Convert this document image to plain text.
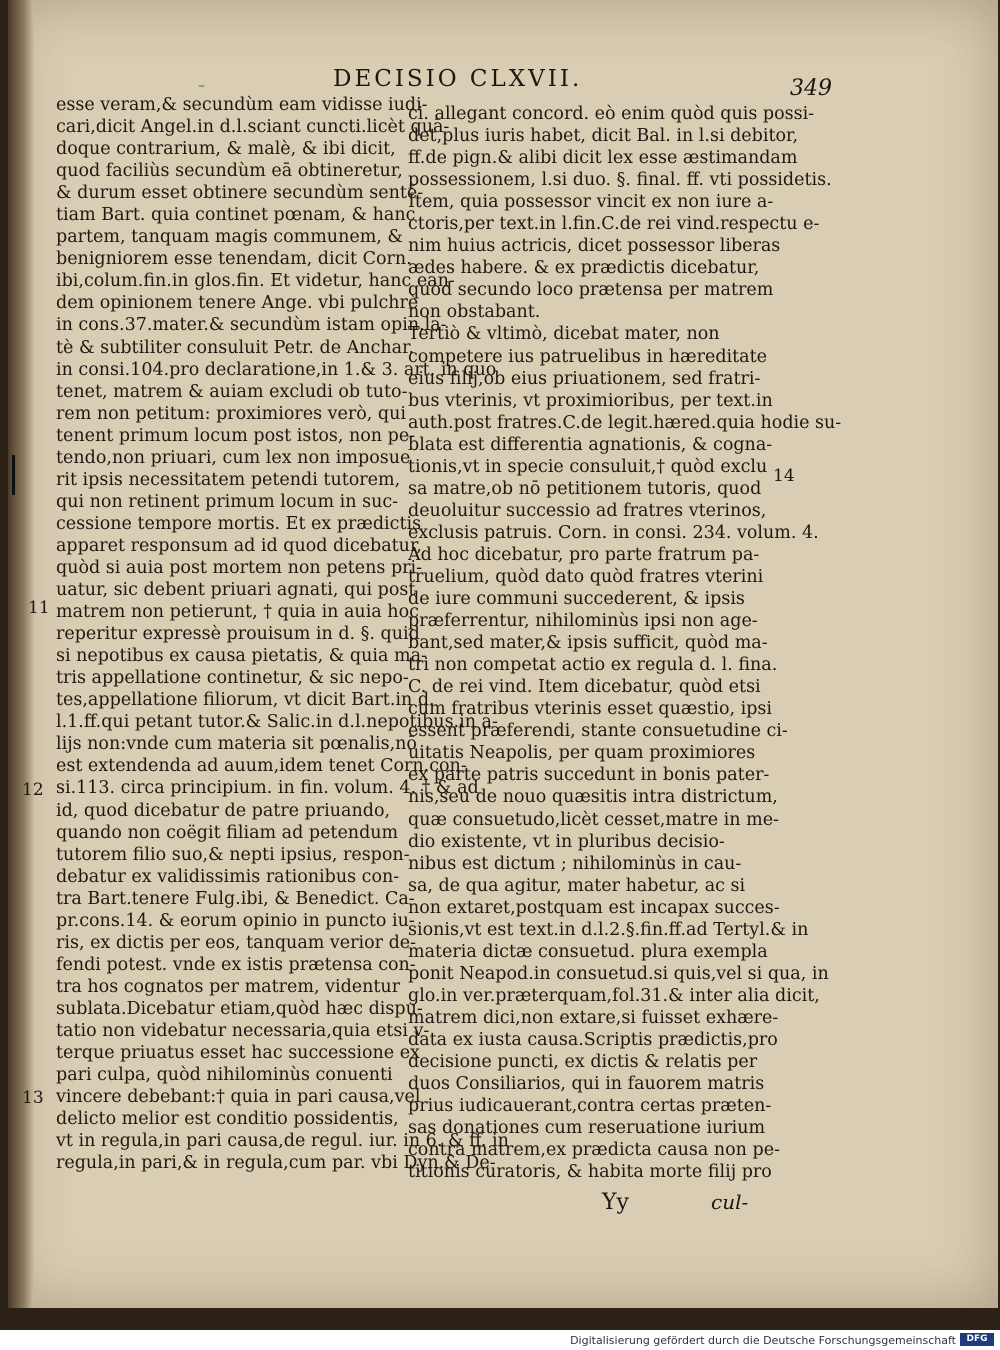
–	DECISIO CLXVII.	349
esse veram,& secundùm eam vidisse iudi-
cari,dicit Angel.in d.l.sciant cuncti.licèt quā-
doque contrarium, & malè, & ibi dicit,
quod faciliùs secundùm eā obtineretur,
& durum esset obtinere secundùm sentē-
tiam Bart. quia continet pœnam, & hanc
partem, tanquam magis communem, &
benigniorem esse tenendam, dicit Corn.
ibi,colum.fin.in glos.fin. Et videtur, hanc ean-
dem opinionem tenere Ange. vbi pulchrè
in cons.37.mater.& secundùm istam opin.la-
tè & subtiliter consuluit Petr. de Anchar.
in consi.104.pro declaratione,in 1.& 3. art. in quo
tenet, matrem & auiam excludi ob tuto-
rem non petitum: proximiores verò, qui
tenent primum locum post istos, non pe-
tendo,non priuari, cum lex non imposue
rit ipsis necessitatem petendi tutorem,
qui non retinent primum locum in suc-
cessione tempore mortis. Et ex prædictis
apparet responsum ad id quod dicebatur,
quòd si auia post mortem non petens pri-
uatur, sic debent priuari agnati, qui post
matrem non petierunt, † quia in auia hoc
reperitur expressè prouisum in d. §. quid
si nepotibus ex causa pietatis, & quia ma-
tris appellatione continetur, & sic nepo-
tes,appellatione filiorum, vt dicit Bart.in d.
l.1.ff.qui petant tutor.& Salic.in d.l.nepotibus.in a-
lijs non:vnde cum materia sit pœnalis,nō
est extendenda ad auum,idem tenet Corn.con-
si.113. circa principium. in fin. volum. 4. † & ad
id, quod dicebatur de patre priuando,
quando non coëgit filiam ad petendum
tutorem filio suo,& nepti ipsius, respon-
debatur ex validissimis rationibus con-
tra Bart.tenere Fulg.ibi, & Benedict. Ca-
pr.cons.14. & eorum opinio in puncto iu-
ris, ex dictis per eos, tanquam verior de-
fendi potest. vnde ex istis prætensa con-
tra hos cognatos per matrem, videntur
sublata.Dicebatur etiam,quòd hæc dispu-
tatio non videbatur necessaria,quia etsi v-
terque priuatus esset hac successione ex
pari culpa, quòd nihilominùs conuenti
vincere debebant:† quia in pari causa,vel
delicto melior est conditio possidentis,
vt in regula,in pari causa,de regul. iur. in 6. & ff. in
regula,in pari,& in regula,cum par. vbi Dyn.& De-
ci. allegant concord. eò enim quòd quis possi-
det,plus iuris habet, dicit Bal. in l.si debitor,
ff.de pign.& alibi dicit lex esse æstimandam
possessionem, l.si duo. §. final. ff. vti possidetis.
Item, quia possessor vincit ex non iure a-
ctoris,per text.in l.fin.C.de rei vind.respectu e-
nim huius actricis, dicet possessor liberas
ædes habere. & ex prædictis dicebatur,
quòd secundo loco prætensa per matrem
non obstabant.
Tertiò & vltimò, dicebat mater, non
competere ius patruelibus in hæreditate
eius filij,ob eius priuationem, sed fratri-
bus vterinis, vt proximioribus, per text.in
auth.post fratres.C.de legit.hæred.quia hodie su-
blata est differentia agnationis, & cogna-
tionis,vt in specie consuluit,† quòd exclu
sa matre,ob nō petitionem tutoris, quod
deuoluitur successio ad fratres vterinos,
exclusis patruis. Corn. in consi. 234. volum. 4.
Ad hoc dicebatur, pro parte fratrum pa-
truelium, quòd dato quòd fratres vterini
de iure communi succederent, & ipsis
præferrentur, nihilominùs ipsi non age-
bant,sed mater,& ipsis sufficit, quòd ma-
tri non competat actio ex regula d. l. fina.
C. de rei vind. Item dicebatur, quòd etsi
cum fratribus vterinis esset quæstio, ipsi
essent præferendi, stante consuetudine ci-
uitatis Neapolis, per quam proximiores
ex parte patris succedunt in bonis pater-
nis,seu de nouo quæsitis intra districtum,
quæ consuetudo,licèt cesset,matre in me-
dio existente, vt in pluribus decisio-
nibus est dictum ; nihilominùs in cau-
sa, de qua agitur, mater habetur, ac si
non extaret,postquam est incapax succes-
sionis,vt est text.in d.l.2.§.fin.ff.ad Tertyl.& in
materia dictæ consuetud. plura exempla
ponit Neapod.in consuetud.si quis,vel si qua, in
glo.in ver.præterquam,fol.31.& inter alia dicit,
matrem dici,non extare,si fuisset exhære-
data ex iusta causa.Scriptis prædictis,pro
decisione puncti, ex dictis & relatis per
duos Consiliarios, qui in fauorem matris
prius iudicauerant,contra certas præten-
sas donationes cum reseruatione iurium
contra matrem,ex prædicta causa non pe-
titionis curatoris, & habita morte filij pro
11
12
13
14
Yy	cul-
Digitalisierung gefördert durch die Deutsche Forschungsgemeinschaft	DFG
